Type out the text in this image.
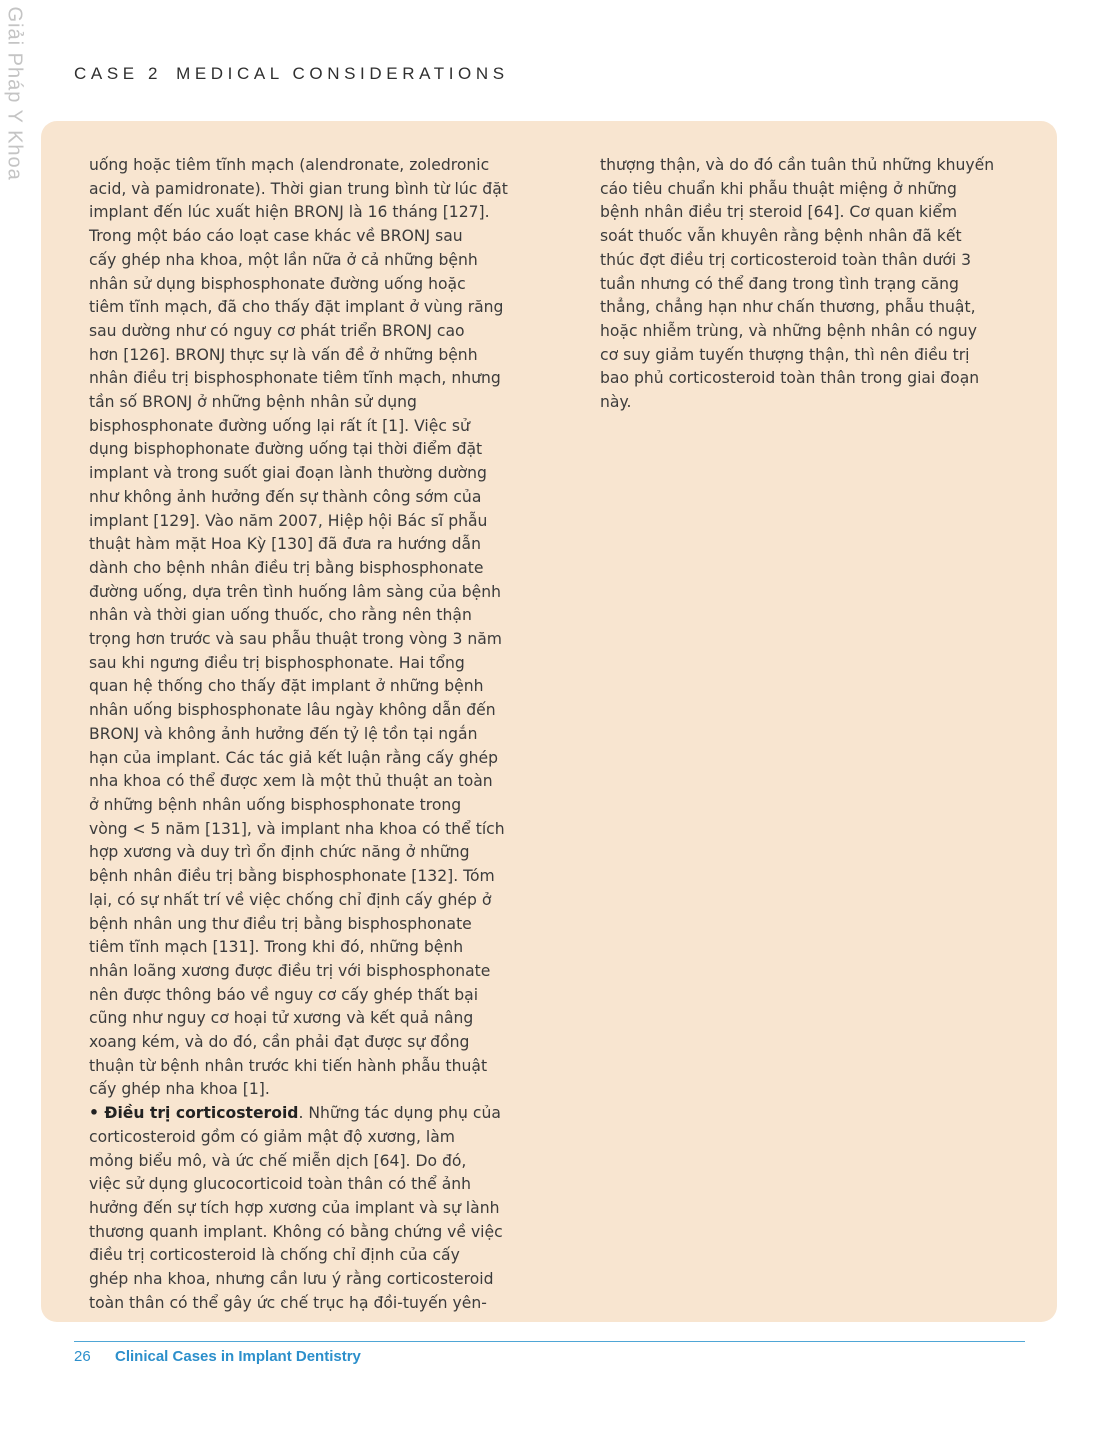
Giải Pháp Y Khoa	CASE 2 MEDICAL CONSIDERATIONS
uống hoặc tiêm tĩnh mạch (alendronate, zoledronic
acid, và pamidronate). Thời gian trung bình từ lúc đặt
implant đến lúc xuất hiện BRONJ là 16 tháng [127].
Trong một báo cáo loạt case khác về BRONJ sau
cấy ghép nha khoa, một lần nữa ở cả những bệnh
nhân sử dụng bisphosphonate đường uống hoặc
tiêm tĩnh mạch, đã cho thấy đặt implant ở vùng răng
sau dường như có nguy cơ phát triển BRONJ cao
hơn [126]. BRONJ thực sự là vấn đề ở những bệnh
nhân điều trị bisphosphonate tiêm tĩnh mạch, nhưng
tần số BRONJ ở những bệnh nhân sử dụng
bisphosphonate đường uống lại rất ít [1]. Việc sử
dụng bisphophonate đường uống tại thời điểm đặt
implant và trong suốt giai đoạn lành thường dường
như không ảnh hưởng đến sự thành công sớm của
implant [129]. Vào năm 2007, Hiệp hội Bác sĩ phẫu
thuật hàm mặt Hoa Kỳ [130] đã đưa ra hướng dẫn
dành cho bệnh nhân điều trị bằng bisphosphonate
đường uống, dựa trên tình huống lâm sàng của bệnh
nhân và thời gian uống thuốc, cho rằng nên thận
trọng hơn trước và sau phẫu thuật trong vòng 3 năm
sau khi ngưng điều trị bisphosphonate. Hai tổng
quan hệ thống cho thấy đặt implant ở những bệnh
nhân uống bisphosphonate lâu ngày không dẫn đến
BRONJ và không ảnh hưởng đến tỷ lệ tồn tại ngắn
hạn của implant. Các tác giả kết luận rằng cấy ghép
nha khoa có thể được xem là một thủ thuật an toàn
ở những bệnh nhân uống bisphosphonate trong
vòng < 5 năm [131], và implant nha khoa có thể tích
hợp xương và duy trì ổn định chức năng ở những
bệnh nhân điều trị bằng bisphosphonate [132]. Tóm
lại, có sự nhất trí về việc chống chỉ định cấy ghép ở
bệnh nhân ung thư điều trị bằng bisphosphonate
tiêm tĩnh mạch [131]. Trong khi đó, những bệnh
nhân loãng xương được điều trị với bisphosphonate
nên được thông báo về nguy cơ cấy ghép thất bại
cũng như nguy cơ hoại tử xương và kết quả nâng
xoang kém, và do đó, cần phải đạt được sự đồng
thuận từ bệnh nhân trước khi tiến hành phẫu thuật
cấy ghép nha khoa [1].
• Điều trị corticosteroid. Những tác dụng phụ của
corticosteroid gồm có giảm mật độ xương, làm
mỏng biểu mô, và ức chế miễn dịch [64]. Do đó,
việc sử dụng glucocorticoid toàn thân có thể ảnh
hưởng đến sự tích hợp xương của implant và sự lành
thương quanh implant. Không có bằng chứng về việc
điều trị corticosteroid là chống chỉ định của cấy
ghép nha khoa, nhưng cần lưu ý rằng corticosteroid
toàn thân có thể gây ức chế trục hạ đồi-tuyến yên-
thượng thận, và do đó cần tuân thủ những khuyến
cáo tiêu chuẩn khi phẫu thuật miệng ở những
bệnh nhân điều trị steroid [64]. Cơ quan kiểm
soát thuốc vẫn khuyên rằng bệnh nhân đã kết
thúc đợt điều trị corticosteroid toàn thân dưới 3
tuần nhưng có thể đang trong tình trạng căng
thẳng, chẳng hạn như chấn thương, phẫu thuật,
hoặc nhiễm trùng, và những bệnh nhân có nguy
cơ suy giảm tuyến thượng thận, thì nên điều trị
bao phủ corticosteroid toàn thân trong giai đoạn
này.
26 Clinical Cases in Implant Dentistry
